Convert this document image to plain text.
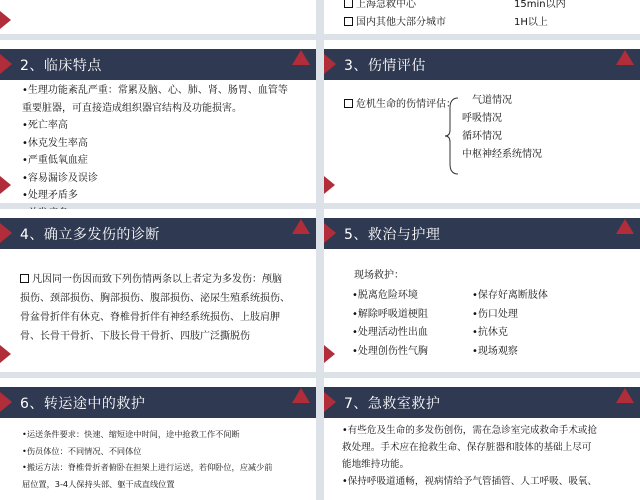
上海急救中心	15min以内
国内其他大部分城市	1H以上
2、临床特点
•生理功能紊乱严重：常累及脑、心、肺、肾、肠胃、血管等
重要脏器，可直接造成组织器官结构及功能损害。
•死亡率高
•休克发生率高
•严重低氧血症
•容易漏诊及误诊
•处理矛盾多
3、伤情评估
危机生命的伤情评估： 气道情况
呼吸情况
循环情况
中枢神经系统情况
4、确立多发伤的诊断
凡因同一伤因而致下列伤情两条以上者定为多发伤：颅脑
损伤、颈部损伤、胸部损伤、腹部损伤、泌尿生殖系统损伤、
骨盆骨折伴有休克、脊椎骨折伴有神经系统损伤、上肢肩胛
骨、长骨干骨折、下肢长骨干骨折、四肢广泛撕脱伤
5、救治与护理
现场救护：
•脱离危险环境
•解除呼吸道梗阻
•处理活动性出血
•处理创伤性气胸
•保存好离断肢体
•伤口处理
•抗休克
•现场观察
6、转运途中的救护
•运送条件要求：快速、缩短途中时间，途中抢救工作不间断
•伤员体位：不同情况、不同体位
•搬运方法：脊椎骨折者俯卧在担架上进行运送，若仰卧位，应减少前
屈位置，3-4人保持头部、躯干成直线位置
7、急救室救护
•有些危及生命的多发伤创伤，需在急诊室完成救命手术或抢
救处理。手术应在抢救生命、保存脏器和肢体的基础上尽可
能地维持功能。
•保持呼吸道通畅，视病情给予气管插管、人工呼吸、吸氧、
